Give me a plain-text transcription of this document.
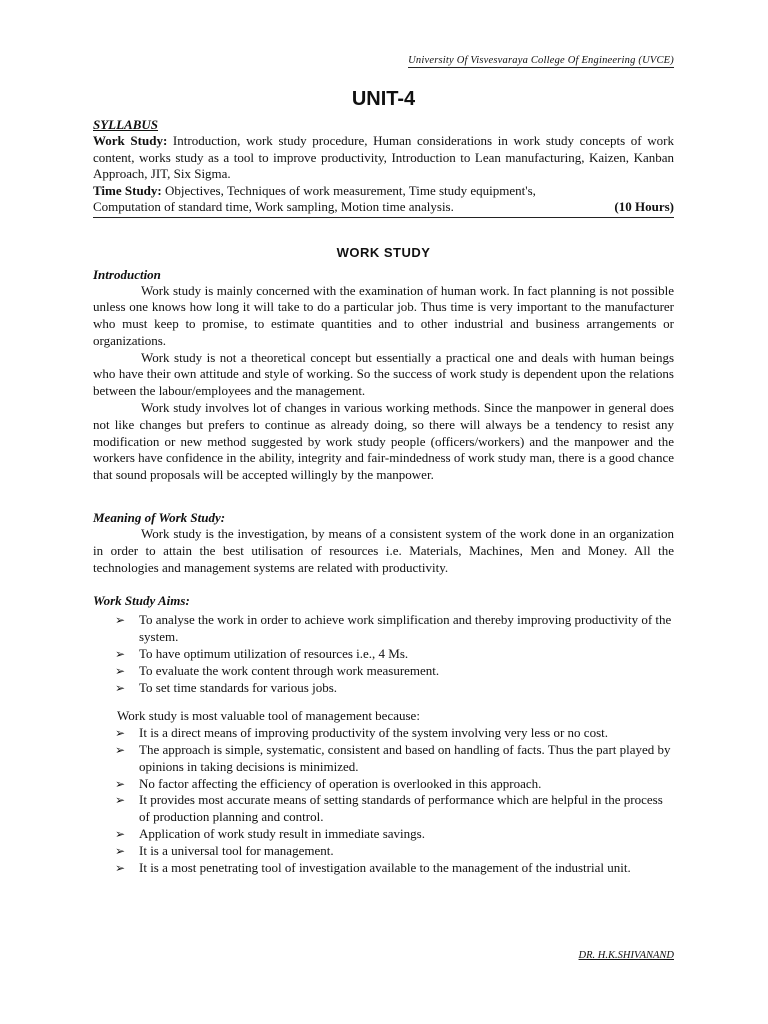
University Of Visvesvaraya College Of Engineering (UVCE)
UNIT-4
SYLLABUS

Work Study: Introduction, work study procedure, Human considerations in work study concepts of work content, works study as a tool to improve productivity, Introduction to Lean manufacturing, Kaizen, Kanban Approach, JIT, Six Sigma.

Time Study: Objectives, Techniques of work measurement, Time study equipment's,

Computation of standard time, Work sampling, Motion time analysis.	(10 Hours)

WORK STUDY
Introduction

Work study is mainly concerned with the examination of human work. In fact planning is not possible unless one knows how long it will take to do a particular job. Thus time is very important to the manufacturer who must keep to promise, to estimate quantities and to other industrial and business arrangements or organizations.

Work study is not a theoretical concept but essentially a practical one and deals with human beings who have their own attitude and style of working. So the success of work study is dependent upon the relations between the labour/employees and the management.

Work study involves lot of changes in various working methods. Since the manpower in general does not like changes but prefers to continue as already doing, so there will always be a tendency to resist any modification or new method suggested by work study people (officers/workers) and the manpower and the workers have confidence in the ability, integrity and fair-mindedness of work study man, there is a good chance that sound proposals will be accepted willingly by the manpower.

Meaning of Work Study:

Work study is the investigation, by means of a consistent system of the work done in an organization in order to attain the best utilisation of resources i.e. Materials, Machines, Men and Money. All the technologies and management systems are related with productivity.

Work Study Aims:
➢ To analyse the work in order to achieve work simplification and thereby improving productivity of the system.
➢ To have optimum utilization of resources i.e., 4 Ms.
➢ To evaluate the work content through work measurement.
➢ To set time standards for various jobs.

Work study is most valuable tool of management because:

➢ It is a direct means of improving productivity of the system involving very less or no cost.
➢ The approach is simple, systematic, consistent and based on handling of facts. Thus the part played by opinions in taking decisions is minimized.
➢ No factor affecting the efficiency of operation is overlooked in this approach.
➢ It provides most accurate means of setting standards of performance which are helpful in the process of production planning and control.
➢ Application of work study result in immediate savings.
➢ It is a universal tool for management.
➢ It is a most penetrating tool of investigation available to the management of the industrial unit.
DR. H.K.SHIVANAND
